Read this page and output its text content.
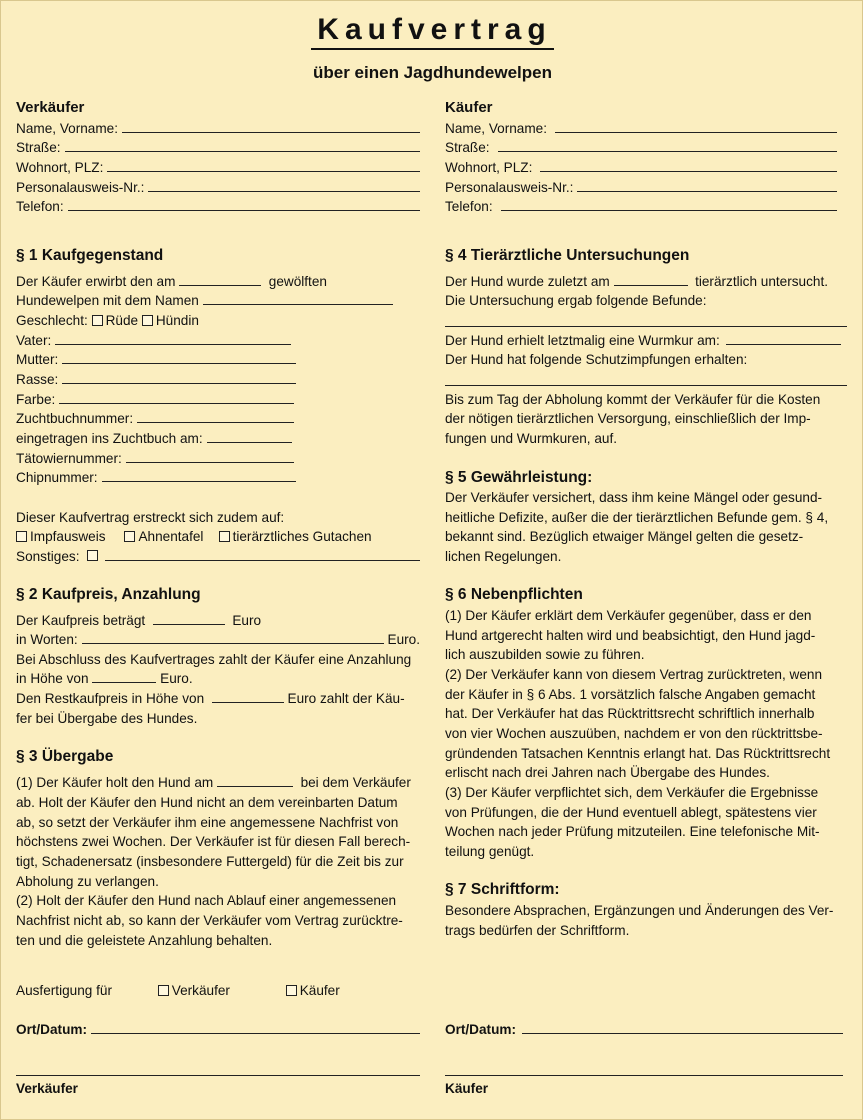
Kaufvertrag
über einen Jagdhundewelpen
Verkäufer
Name, Vorname:
Straße:
Wohnort, PLZ:
Personalausweis-Nr.:
Telefon:
§ 1 Kaufgegenstand
Der Käufer erwirbt den am	gewölften
Hundewelpen mit dem Namen
Geschlecht: Rüde Hündin
Vater:
Mutter:
Rasse:
Farbe:
Zuchtbuchnummer:
eingetragen ins Zuchtbuch am:
Tätowiernummer:
Chipnummer:
Dieser Kaufvertrag erstreckt sich zudem auf:
Impfausweis Ahnentafel tierärztliches Gutachen
Sonstiges:

§ 2 Kaufpreis, Anzahlung
Der Kaufpreis beträgt	Euro
in Worten:	Euro.
Bei Abschluss des Kaufvertrages zahlt der Käufer eine Anzahlung
in Höhe von	Euro.
Den Restkaufpreis in Höhe von	Euro zahlt der Käu-
fer bei Übergabe des Hundes.
§ 3 Übergabe
(1) Der Käufer holt den Hund am	bei dem Verkäufer
ab. Holt der Käufer den Hund nicht an dem vereinbarten Datum
ab, so setzt der Verkäufer ihm eine angemessene Nachfrist von
höchstens zwei Wochen. Der Verkäufer ist für diesen Fall berech-
tigt, Schadenersatz (insbesondere Futtergeld) für die Zeit bis zur
Abholung zu verlangen.
(2) Holt der Käufer den Hund nach Ablauf einer angemessenen
Nachfrist nicht ab, so kann der Verkäufer vom Vertrag zurücktre-
ten und die geleistete Anzahlung behalten.
Ausfertigung für	Verkäufer	Käufer
Ort/Datum:
Verkäufer
Käufer
Name, Vorname:
Straße:
Wohnort, PLZ:
Personalausweis-Nr.:
Telefon:
§ 4 Tierärztliche Untersuchungen
Der Hund wurde zuletzt am	tierärztlich untersucht.
Die Untersuchung ergab folgende Befunde:
Der Hund erhielt letztmalig eine Wurmkur am:
Der Hund hat folgende Schutzimpfungen erhalten:
Bis zum Tag der Abholung kommt der Verkäufer für die Kosten
der nötigen tierärztlichen Versorgung, einschließlich der Imp-
fungen und Wurmkuren, auf.
§ 5 Gewährleistung:
Der Verkäufer versichert, dass ihm keine Mängel oder gesund-
heitliche Defizite, außer die der tierärztlichen Befunde gem. § 4,
bekannt sind. Bezüglich etwaiger Mängel gelten die gesetz-
lichen Regelungen.
§ 6 Nebenpflichten
(1) Der Käufer erklärt dem Verkäufer gegenüber, dass er den
Hund artgerecht halten wird und beabsichtigt, den Hund jagd-
lich auszubilden sowie zu führen.
(2) Der Verkäufer kann von diesem Vertrag zurücktreten, wenn
der Käufer in § 6 Abs. 1 vorsätzlich falsche Angaben gemacht
hat. Der Verkäufer hat das Rücktrittsrecht schriftlich innerhalb
von vier Wochen auszuüben, nachdem er von den rücktrittsbe-
gründenden Tatsachen Kenntnis erlangt hat. Das Rücktrittsrecht
erlischt nach drei Jahren nach Übergabe des Hundes.
(3) Der Käufer verpflichtet sich, dem Verkäufer die Ergebnisse
von Prüfungen, die der Hund eventuell ablegt, spätestens vier
Wochen nach jeder Prüfung mitzuteilen. Eine telefonische Mit-
teilung genügt.
§ 7 Schriftform:
Besondere Absprachen, Ergänzungen und Änderungen des Ver-
trags bedürfen der Schriftform.
Ort/Datum:
Käufer
